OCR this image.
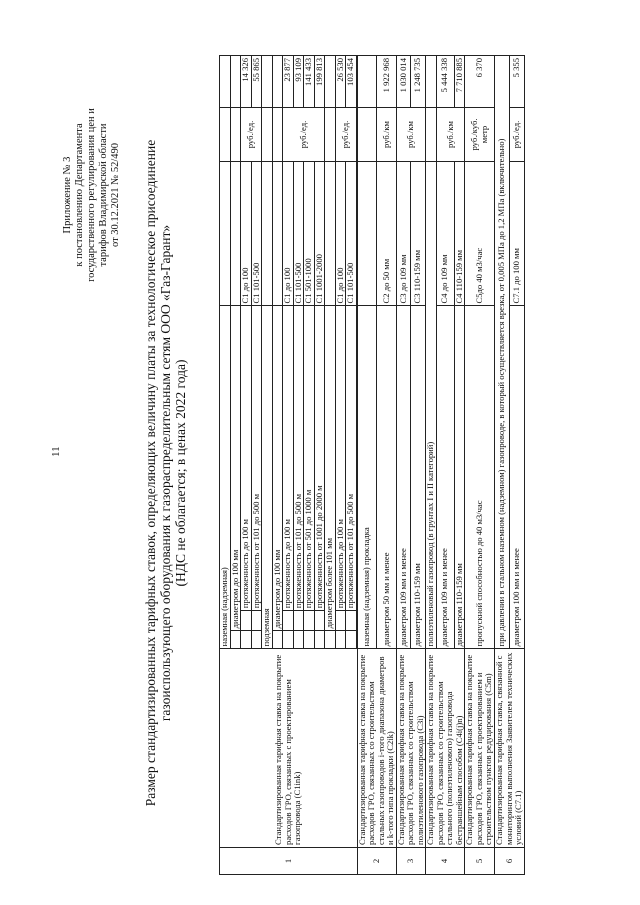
11
Приложение № 3 к постановлению Департамента государственного регулирования цен и тарифов Владимирской области от 30.12.2021 № 52/490 Размер стандартизированных тарифных ставок, определяющих величину платы за технологическое присоединение газоиспользующего оборудования к газораспределительным сетям ООО «Газ-Гарант» (НДС не облагается; в ценах 2022 года)
1	Стандартизированная тарифная ставка на покрытие расходов ГРО, связанных с проектированием газопровода (C1ink)	наземная (надземная)					
			диаметром до 100 мм				
				протяженность до 100 м	С1 до 100	руб./ед.	14 326
				протяженность от 101 до 500 м	С1 101-500		55 865
		подземная					
			диаметром до 100 мм				
				протяженность до 100 м	С1 до 100	руб./ед.	23 877
				протяженность от 101 до 500 м	С1 101-500		93 109
				протяженность от 501 до 1000 м	С1 501-1000		141 433
				протяженность от 1001 до 2000 м	С1 1001-2000		199 813
			диаметром более 101 мм				
				протяженность до 100 м	С1 до 100	руб./ед.	26 530
				протяженность от 101 до 500 м	С1 101-500		103 454

2	Стандартизированная тарифная ставка на покрытие расходов ГРО, связанных со строительством стальных газопроводов i-того диапазона диаметров и k-того типа прокладки (C2ik)	наземная (надземная) прокладка					
		диаметром 50 мм и менее			С2 до 50 мм	руб./км	1 922 968
3	Стандартизированная тарифная ставка на покрытие расходов ГРО, связанных со строительством полиэтиленового газопровода (C3i)	диаметром 109 мм и менее			С3 до 109 мм	руб./км	1 030 014
		диаметром 110-159 мм			С3 110-159 мм		1 248 735
4	Стандартизированная тарифная ставка на покрытие расходов ГРО, связанных со строительством стального (полиэтиленового) газопровода бестраншейным способом (C4i(j)n)	полиэтиленовый газопровод (в грунтах I и II категорий)					
		диаметром 109 мм и менее			С4 до 109 мм	руб./км	5 444 338
		диаметром 110-159 мм			С4 110-159 мм		7 710 885
5	Стандартизированная тарифная ставка на покрытие расходов ГРО, связанных с проектированием и строительством пунктов редуцирования (C5m)	пропускной способностью до 40 м3/час			С5до 40 м3/час	руб./куб. метр	6 370
6	Стандартизированная тарифная ставка, связанной с мониторингом выполнения Заявителем технических условий (C7.1)	при давлении в стальном наземном (надземном) газопроводе, в который осуществляется врезка, от 0,005 МПа до 1,2 МПа (включительно)					
		диаметром 100 мм и менее			С7.1 до 100 мм	руб./ед.	5 355
